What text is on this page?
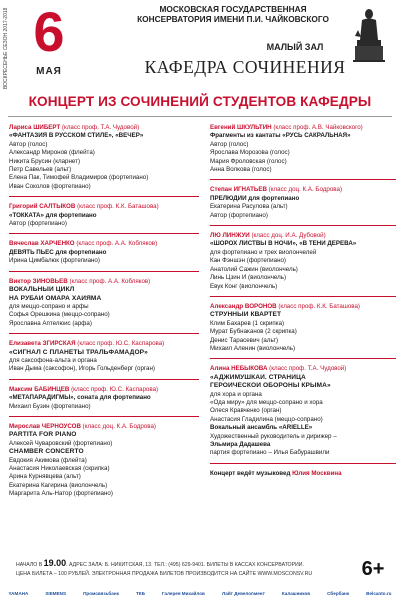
ВОСКРЕСЕНЬЕ СЕЗОН 2017-2018 6
МАЯ
МОСКОВСКАЯ ГОСУДАРСТВЕННАЯ
КОНСЕРВАТОРИЯ ИМЕНИ П.И. ЧАЙКОВСКОГО
МАЛЫЙ ЗАЛ
КАФЕДРА СОЧИНЕНИЯ
КОНЦЕРТ ИЗ СОЧИНЕНИЙ СТУДЕНТОВ КАФЕДРЫ
Лариса ШИБЕРТ (класс проф. Т.А. Чудовой)
«ФАНТАЗИЯ В РУССКОМ СТИЛЕ», «ВЕЧЕР»
Автор (голос)
Александр Миронов (флейта)
Никита Брусин (кларнет)
Петр Савельев (альт)
Елена Пак, Тимофей Владимиров (фортепиано)
Иван Соколов (фортепиано)
Григорий САЛТЫКОВ (класс проф. К.К. Баташова)
«ТОККАТА» для фортепиано
Автор (фортепиано)
Вячеслав ХАРЧЕНКО (класс проф. А.А. Кобляков)
ДЕВЯТЬ ПЬЕС для фортепиано
Ирина Цимбалюк (фортепиано)
Виктор ЗИНОВЬЕВ (класс проф. А.А. Кобляков)
ВОКАЛЬНЫЙ ЦИКЛ
НА РУБАИ ОМАРА ХАЙЯМА
для меццо-сопрано и арфы
Софья Орешкина (меццо-сопрано)
Ярославна Аптелюис (арфа)
Елизавета ЗГИРСКАЯ (класс проф. Ю.С. Каспарова)
«СИГНАЛ С ПЛАНЕТЫ ТРАЛЬФАМАДОР»
для саксофона-альта и органа
Иван Дыма (саксофон), Игорь Гольденберг (орган)
Максим БАБИНЦЕВ (класс проф. Ю.С. Каспарова)
«МЕТАПАРАДИГМЫ», соната для фортепиано
Михаил Бузин (фортепиано)
Мирослав ЧЕРНОУСОВ (класс доц. К.А. Бодрова)
PARTITA FOR PIANO
Алексей Чуваровский (фортепиано)
CHAMBER CONCERTO
Евдокия Акимова (флейта)
Анастасия Николаевская (скрипка)
Арина Курнявцева (альт)
Екатерина Кагирина (виолончель)
Маргарита Аль-Натор (фортепиано)
Евгений ШКУЛЬТИН (класс проф. А.В. Чайковского)
Фрагменты из кантаты «РУСЬ САКРАЛЬНАЯ»
Автор (голос)
Ярослава Морозова (голос)
Мария Фроловская (голос)
Анна Волкова (голос)
Степан ИГНАТЬЕВ (класс доц. К.А. Бодрова)
ПРЕЛЮДИИ для фортепиано
Екатерина Расулова (альт)
Автор (фортепиано)
ЛЮ ЛИНЖУЙ (класс доц. И.А. Дубовой)
«ШОРОХ ЛИСТВЫ В НОЧИ», «В ТЕНИ ДЕРЕВА»
для фортепиано и трех виолончелей
Кан Фэншэн (фортепиано)
Анатолий Сажин (виолончель)
Линь Цзин И (виолончель)
Евук Конг (виолончель)
Александр ВОРОНОВ (класс проф. К.К. Баташова)
СТРУННЫЙ КВАРТЕТ
Клим Бахарев (1 скрипка)
Мурат Бубнаканов (2 скрипка)
Денис Тарасевич (альт)
Михаил Аленин (виолончель)
Алина НЕБЫКОВА (класс проф. Т.А. Чудовой)
«АДЖИМУШКАЙ. СТРАНИЦА
ГЕРОИЧЕСКОЙ ОБОРОНЫ КРЫМА»
для хора и органа
«Ода миру» для меццо-сопрано и хора
Олеся Кравченко (орган)
Анастасия Гладилина (меццо-сопрано)
Вокальный ансамбль «ARIELLE»
Художественный руководитель и дирижер –
Эльмира Дадашева
партия фортепиано – Илья Бабурашвили
Концерт ведёт музыковед Юлия Москвина
НАЧАЛО В 19.00. АДРЕС ЗАЛА: Б. НИКИТСКАЯ, 13. ТЕЛ.: (495) 629-9401. БИЛЕТЫ В КАССАХ КОНСЕРВАТОРИИ.
ЦЕНА БИЛЕТА – 100 РУБЛЕЙ. ЭЛЕКТРОННАЯ ПРОДАЖА БИЛЕТОВ ПРОИЗВОДИТСЯ НА САЙТЕ WWW.MOSCONSV.RU	6+
YAMAHA	SIEMENS	Промсвязьбанк	ТКБ	Галерея Михайлов	Лайт Девелопмент	Калашников	Сбербанк	Belcanto.ru
